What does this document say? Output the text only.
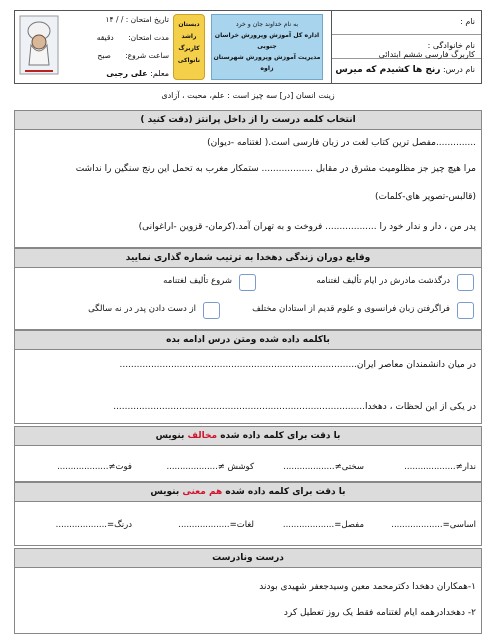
نام :
نام خانوادگی :
کاربرگ فارسی ششم ابتدائی
نام درس: رنج ها کشیدم که میرس
به نام خداوند جان و خرد
اداره کل آموزش وپرورش خراسان جنوبی
مدیریت آموزش وپرورش شهرستان زاوه
دبستان
راشد
کاربرگ
نانواکی
تاریخ امتحان : / / ۱۴
مدت امتحان:      دقیقه
ساعت شروع:      صبح
معلم: علی رجبی
زینت انسان [در] سه چیز است : علم، محبت ، آزادی
انتخاب کلمه درست را از داخل پرانتز (دقت کنید )
..............مفصل ترین کتاب لغت در زبان فارسی است.( لغتنامه -دیوان)
مرا هیچ چیز جز مظلومیت مشرق در مقابل .................. ستمکار مغرب به تحمل این رنج سنگین را نداشت
(قالبس-تصویر های-کلمات)
پدر من ، دار و ندار خود را .................. فروخت و به تهران آمد.(کرمان- قزوین -اراغوانی)
وقایع دوران زندگی دهخدا به ترتیب شماره گذاری نمایید
درگذشت مادرش در ایام تألیف لغتنامه
شروع تألیف لغتنامه
فراگرفتن زبان فرانسوی و علوم قدیم از استادان مختلف
از دست دادن پدر در نه سالگی
باکلمه داده شده ومتن درس ادامه بده
در میان دانشمندان معاصر ایران...................................................................................
در یکی از این لحظات ، دهخدا........................................................................................
با دقت برای کلمه داده شده مخالف بنویس
ندار≠...................
سختی≠...................
کوشش ≠...................
فوت≠...................
با دقت برای کلمه داده شده هم معنی بنویس
اساسی=...................
مفصل=...................
لغات=...................
درنگ=...................
درست ونادرست
۱-همکاران دهخدا دکترمحمد معین وسیدجعفر شهیدی بودند
۲- دهخدادرهمه ایام لغتنامه فقط یک روز تعطیل کرد
